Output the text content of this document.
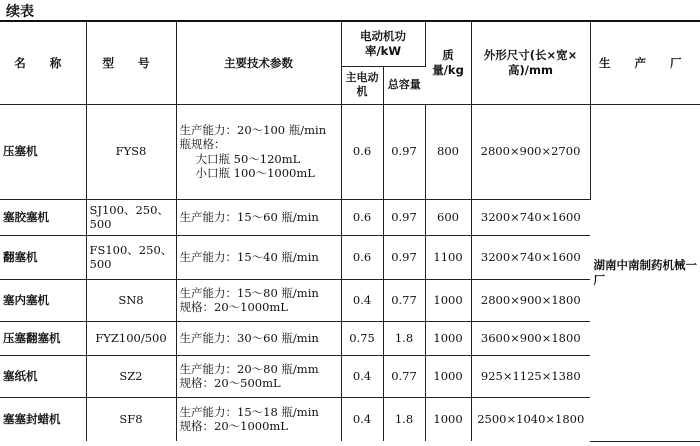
续表
名 称	型 号	主要技术参数	电动机功率/kW		质量/kg	外形尺寸(长×宽×高)/mm	生 产 厂
			主电动机	总容量			
压塞机	FYS8	生产能力：20～100 瓶/min
瓶规格：
大口瓶 50～120mL
小口瓶 100～1000mL	0.6	0.97	800	2800×900×2700	湖南中南制药机械一厂
塞胶塞机	SJ100、250、500	生产能力：15～60 瓶/min	0.6	0.97	600	3200×740×1600	
翻塞机	FS100、250、500	生产能力：15～40 瓶/min	0.6	0.97	1100	3200×740×1600	
塞内塞机	SN8	生产能力：15～80 瓶/min
规格：20～1000mL	0.4	0.77	1000	2800×900×1800	
压塞翻塞机	FYZ100/500	生产能力：30～60 瓶/min	0.75	1.8	1000	3600×900×1800	
塞纸机	SZ2	生产能力：20～80 瓶/mm
规格：20～500mL	0.4	0.77	1000	925×1125×1380	
塞塞封蜡机	SF8	生产能力：15～18 瓶/min
规格：20～1000mL	0.4	1.8	1000	2500×1040×1800	
